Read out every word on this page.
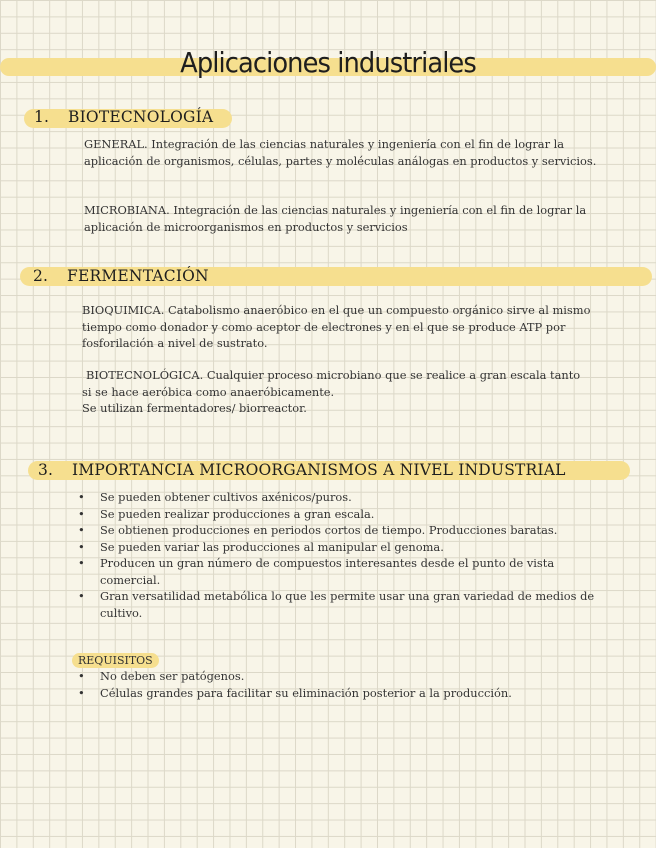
Aplicaciones industriales
1. BIOTECNOLOGÍA
GENERAL. Integración de las ciencias naturales y ingeniería con el fin de lograr la aplicación de organismos, células, partes y moléculas análogas en productos y servicios.
MICROBIANA. Integración de las ciencias naturales y ingeniería con el fin de lograr la aplicación de microorganismos en productos y servicios
2. FERMENTACIÓN
BIOQUIMICA. Catabolismo anaeróbico en el que un compuesto orgánico sirve al mismo tiempo como donador y como aceptor de electrones y en el que se produce ATP por fosforilación a nivel de sustrato.
BIOTECNOLÓGICA. Cualquier proceso microbiano que se realice a gran escala tanto si se hace aeróbica como anaeróbicamente.
Se utilizan fermentadores/ biorreactor.
3. IMPORTANCIA MICROORGANISMOS A NIVEL INDUSTRIAL
• Se pueden obtener cultivos axénicos/puros.
• Se pueden realizar producciones a gran escala.
• Se obtienen producciones en periodos cortos de tiempo. Producciones baratas.
• Se pueden variar las producciones al manipular el genoma.
• Producen un gran número de compuestos interesantes desde el punto de vista comercial.
• Gran versatilidad metabólica lo que les permite usar una gran variedad de medios de cultivo.
REQUISITOS
• No deben ser patógenos.
• Células grandes para facilitar su eliminación posterior a la producción.
